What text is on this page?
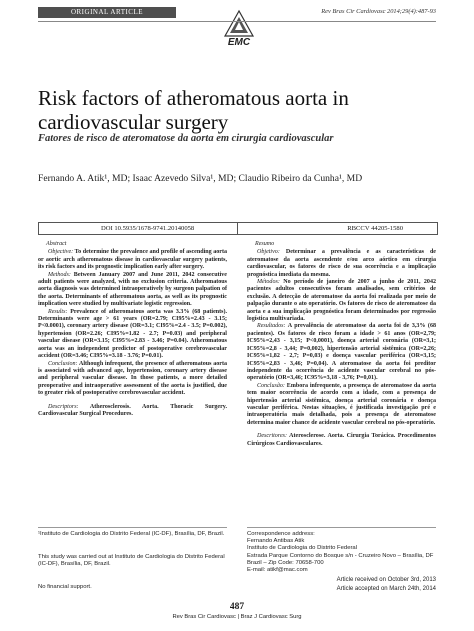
ORIGINAL ARTICLE	Rev Bras Cir Cardiovasc 2014;29(4):487-93
EMC
Risk factors of atheromatous aorta in cardiovascular surgery
Fatores de risco de ateromatose da aorta em cirurgia cardiovascular
Fernando A. Atik¹, MD; Isaac Azevedo Silva¹, MD; Claudio Ribeiro da Cunha¹, MD
DOI 10.5935/1678-9741.20140058	RBCCV 44205-1580
Abstract

Objective: To determine the prevalence and profile of ascending aorta or aortic arch atheromatous disease in cardiovascular surgery patients, its risk factors and its prognostic implication early after surgery.

Methods: Between January 2007 and June 2011, 2042 consecutive adult patients were analyzed, with no exclusion criteria. Atheromatous aorta diagnosis was determined intraoperatively by surgeon palpation of the aorta. Determinants of atheromatous aorta, as well as its prognostic implication were studied by multivariate logistic regression.

Results: Prevalence of atheromatous aorta was 3.3% (68 patients). Determinants were age > 61 years (OR=2.79; CI95%=2.43 - 3.15; P<0.0001), coronary artery disease (OR=3.1; CI95%=2.4 - 3.5; P=0.002), hypertension (OR=2.26; CI95%=1.82 - 2.7; P=0.03) and peripheral vascular disease (OR=3.15; CI95%=2.83 - 3.46; P=0.04). Atheromatous aorta was an independent predictor of postoperative cerebrovascular accident (OR=3.46; CI95%=3.18 - 3.76; P=0.01).

Conclusion: Although infrequent, the presence of atheromatous aorta is associated with advanced age, hypertension, coronary artery disease and peripheral vascular disease. In those patients, a more detailed preoperative and intraoperative assessment of the aorta is justified, due to greater risk of postoperative cerebrovascular accident.

Descriptors: Atherosclerosis. Aorta. Thoracic Surgery. Cardiovascular Surgical Procedures.

Resumo

Objetivo: Determinar a prevalência e as características de ateromatose da aorta ascendente e/ou arco aórtico em cirurgia cardiovascular, os fatores de risco de sua ocorrência e a implicação prognóstica imediata da mesma.

Métodos: No período de janeiro de 2007 a junho de 2011, 2042 pacientes adultos consecutivos foram analisados, sem critérios de exclusão. A detecção de ateromatose da aorta foi realizada por meio de palpação durante o ato operatório. Os fatores de risco de ateromatose da aorta e a sua implicação prognóstica foram determinados por regressão logística multivariada.

Resultados: A prevalência de ateromatose da aorta foi de 3,3% (68 pacientes). Os fatores de risco foram a idade > 61 anos (OR=2,79; IC95%=2,43 - 3,15; P<0,0001), doença arterial coronária (OR=3,1; IC95%=2,8 - 3,44; P=0,002), hipertensão arterial sistêmica (OR=2,26; IC95%=1,82 - 2,7; P=0,03) e doença vascular periférica (OR=3,15; IC95%=2,83 - 3,46; P=0,04). A ateromatose da aorta foi preditor independente da ocorrência de acidente vascular cerebral no pós-operatório (OR=3,46; IC95%=3,18 - 3,76; P=0,01).

Conclusão: Embora infrequente, a presença de ateromatose da aorta tem maior ocorrência de acordo com a idade, com a presença de hipertensão arterial sistêmica, doença arterial coronária e doença vascular periférica. Nestas situações, é justificada investigação pré e intraoperatória mais detalhada, pois a presença de ateromatose determina maior chance de acidente vascular cerebral no pós-operatório.

Descritores: Aterosclerose. Aorta. Cirurgia Torácica. Procedimentos Cirúrgicos Cardiovasculares.

¹Instituto de Cardiologia do Distrito Federal (IC-DF), Brasília, DF, Brazil.
This study was carried out at Instituto de Cardiologia do Distrito Federal (IC-DF), Brasília, DF, Brazil.
No financial support.
Correspondence address:
Fernando Antibas Atik
Instituto de Cardiologia do Distrito Federal
Estrada Parque Contorno do Bosque s/n - Cruzeiro Novo – Brasília, DF
Brazil – Zip Code: 70658-700
E-mail: atikf@mac.com
Article received on October 3rd, 2013
Article accepted on March 24th, 2014
487
Rev Bras Cir Cardiovasc | Braz J Cardiovasc Surg
